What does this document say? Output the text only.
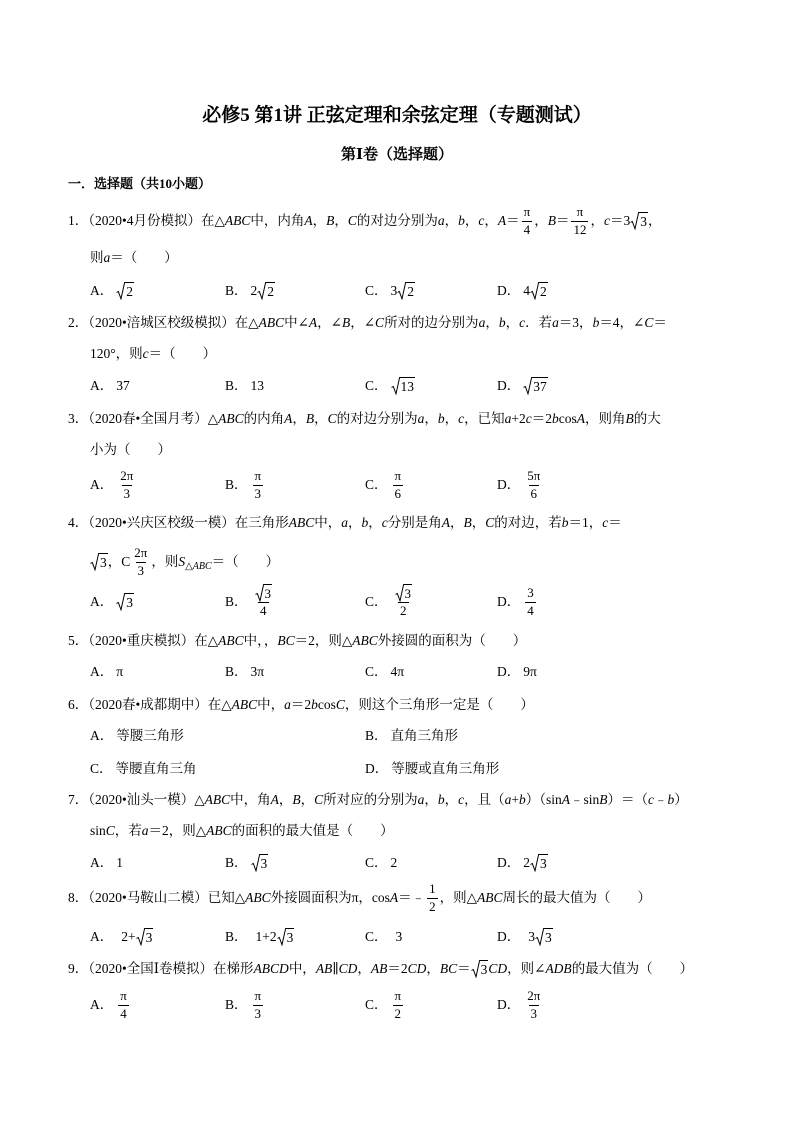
必修5 第1讲 正弦定理和余弦定理（专题测试）
第Ⅰ卷（选择题）
一．选择题（共10小题）
1．（2020•4月份模拟）在△ ABC 中，内角 A ， B ， C 的对边分别为 a ， b ， c ， $A = \frac{\pi}{4}$ ， $B = \frac{\pi}{12}$ ， c ＝3 3 ，
则 a ＝（　　）
A． 2	B． 2 2	C． 3 2	D． 4 2
2．（2020•涪城区校级模拟）在△ ABC 中∠ A ，∠ B ，∠ C 所对的边分别为 a ， b ， c ．若 a ＝3， b ＝4，∠ C ＝
120°，则 c ＝（　　）
A． 37	B． 13	C． 13	D． 37
3．（2020春•全国月考）△ ABC 的内角 A ， B ， C 的对边分别为 a ， b ， c ，已知 a +2 c ＝2 b cos A ，则角 B 的大
小为（　　）
A． $\frac{2\pi}{3}$	B． $\frac{\pi}{3}$	C． $\frac{\pi}{6}$	D． $\frac{5\pi}{6}$
4．（2020•兴庆区校级一模）在三角形 ABC 中， a ， b ， c 分别是角 A ， B ， C 的对边，若 b ＝1， c ＝
3 ，C $\frac{2\pi}{3}$ ，则 $S_{\triangle ABC}$ ＝（　　）
A． 3	B． $\frac{3}{4}$	C． $\frac{3}{2}$	D． $\frac{3}{4}$
5．（2020•重庆模拟）在△ ABC 中，， BC ＝2，则△ ABC 外接圆的面积为（　　）
A． π	B． 3π	C． 4π	D． 9π
6．（2020春•成都期中）在△ ABC 中， a ＝2 b cos C ，则这个三角形一定是（　　）
A． 等腰三角形	B． 直角三角形
C． 等腰直角三角	D． 等腰或直角三角形
7．（2020•汕头一模）△ ABC 中，角 A ， B ， C 所对应的分别为 a ， b ， c ，且（ a + b ）（sin A ﹣sin B ）＝（ c ﹣ b ）
sin C ，若 a ＝2，则△ ABC 的面积的最大值是（　　）
A． 1	B． 3	C． 2	D． 2 3
8．（2020•马鞍山二模）已知△ ABC 外接圆面积为π，cos A ＝﹣ $\frac{1}{2}$ ，则△ ABC 周长的最大值为（　　）
A． 2+ 3	B． 1+2 3	C． 3	D． 3 3
9．（2020•全国Ⅰ卷模拟）在梯形 ABCD 中， AB ∥ CD ， AB ＝2 CD ， BC ＝ 3 CD ，则∠ ADB 的最大值为（　　）
A． $\frac{\pi}{4}$	B． $\frac{\pi}{3}$	C． $\frac{\pi}{2}$	D． $\frac{2\pi}{3}$
